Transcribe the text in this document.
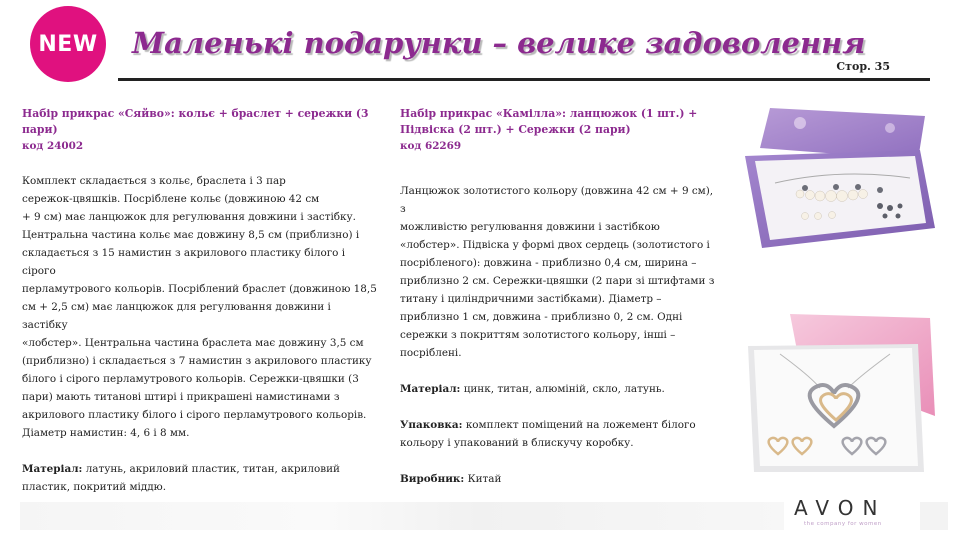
NEW Маленькі подарунки – велике задоволення
Стор. 35

Набір прикрас «Сяйво»: кольє + браслет + сережки (3 пари)

код 24002

Комплект складається з кольє, браслета і 3 пар
сережок-цвяшків. Посріблене кольє (довжиною 42 см
+ 9 см) має ланцюжок для регулювання довжини і застібку.
Центральна частина кольє має довжину 8,5 см (приблизно) і
складається з 15 намистин з акрилового пластику білого і сірого
перламутрового кольорів. Посріблений браслет (довжиною 18,5
см + 2,5 см) має ланцюжок для регулювання довжини і застібку
«лобстер». Центральна частина браслета має довжину 3,5 см
(приблизно) і складається з 7 намистин з акрилового пластику
білого і сірого перламутрового кольорів. Сережки-цвяшки (3
пари) мають титанові штирі і прикрашені намистинами з
акрилового пластику білого і сірого перламутрового кольорів.
Діаметр намистин: 4, 6 і 8 мм.

Матеріал: латунь, акриловий пластик, титан, акриловий пластик, покритий міддю.

Набір прикрас «Камілла»: ланцюжок (1 шт.) + Підвіска (2 шт.) + Сережки (2 пари)

код 62269

Ланцюжок золотистого кольору (довжина 42 см + 9 см), з
можливістю регулювання довжини і застібкою
«лобстер». Підвіска у формі двох сердець (золотистого і
посрібленого): довжина - приблизно 0,4 см, ширина –
приблизно 2 см. Сережки-цвяшки (2 пари зі штифтами з
титану і циліндричними застібками). Діаметр –
приблизно 1 см, довжина - приблизно 0, 2 см. Одні
сережки з покриттям золотистого кольору, інші –
посріблені.

Матеріал: цинк, титан, алюміній, скло, латунь.

Упаковка: комплект поміщений на ложемент білого кольору і упакований в блискучу коробку.

Виробник: Китай

AVON
the company for women
